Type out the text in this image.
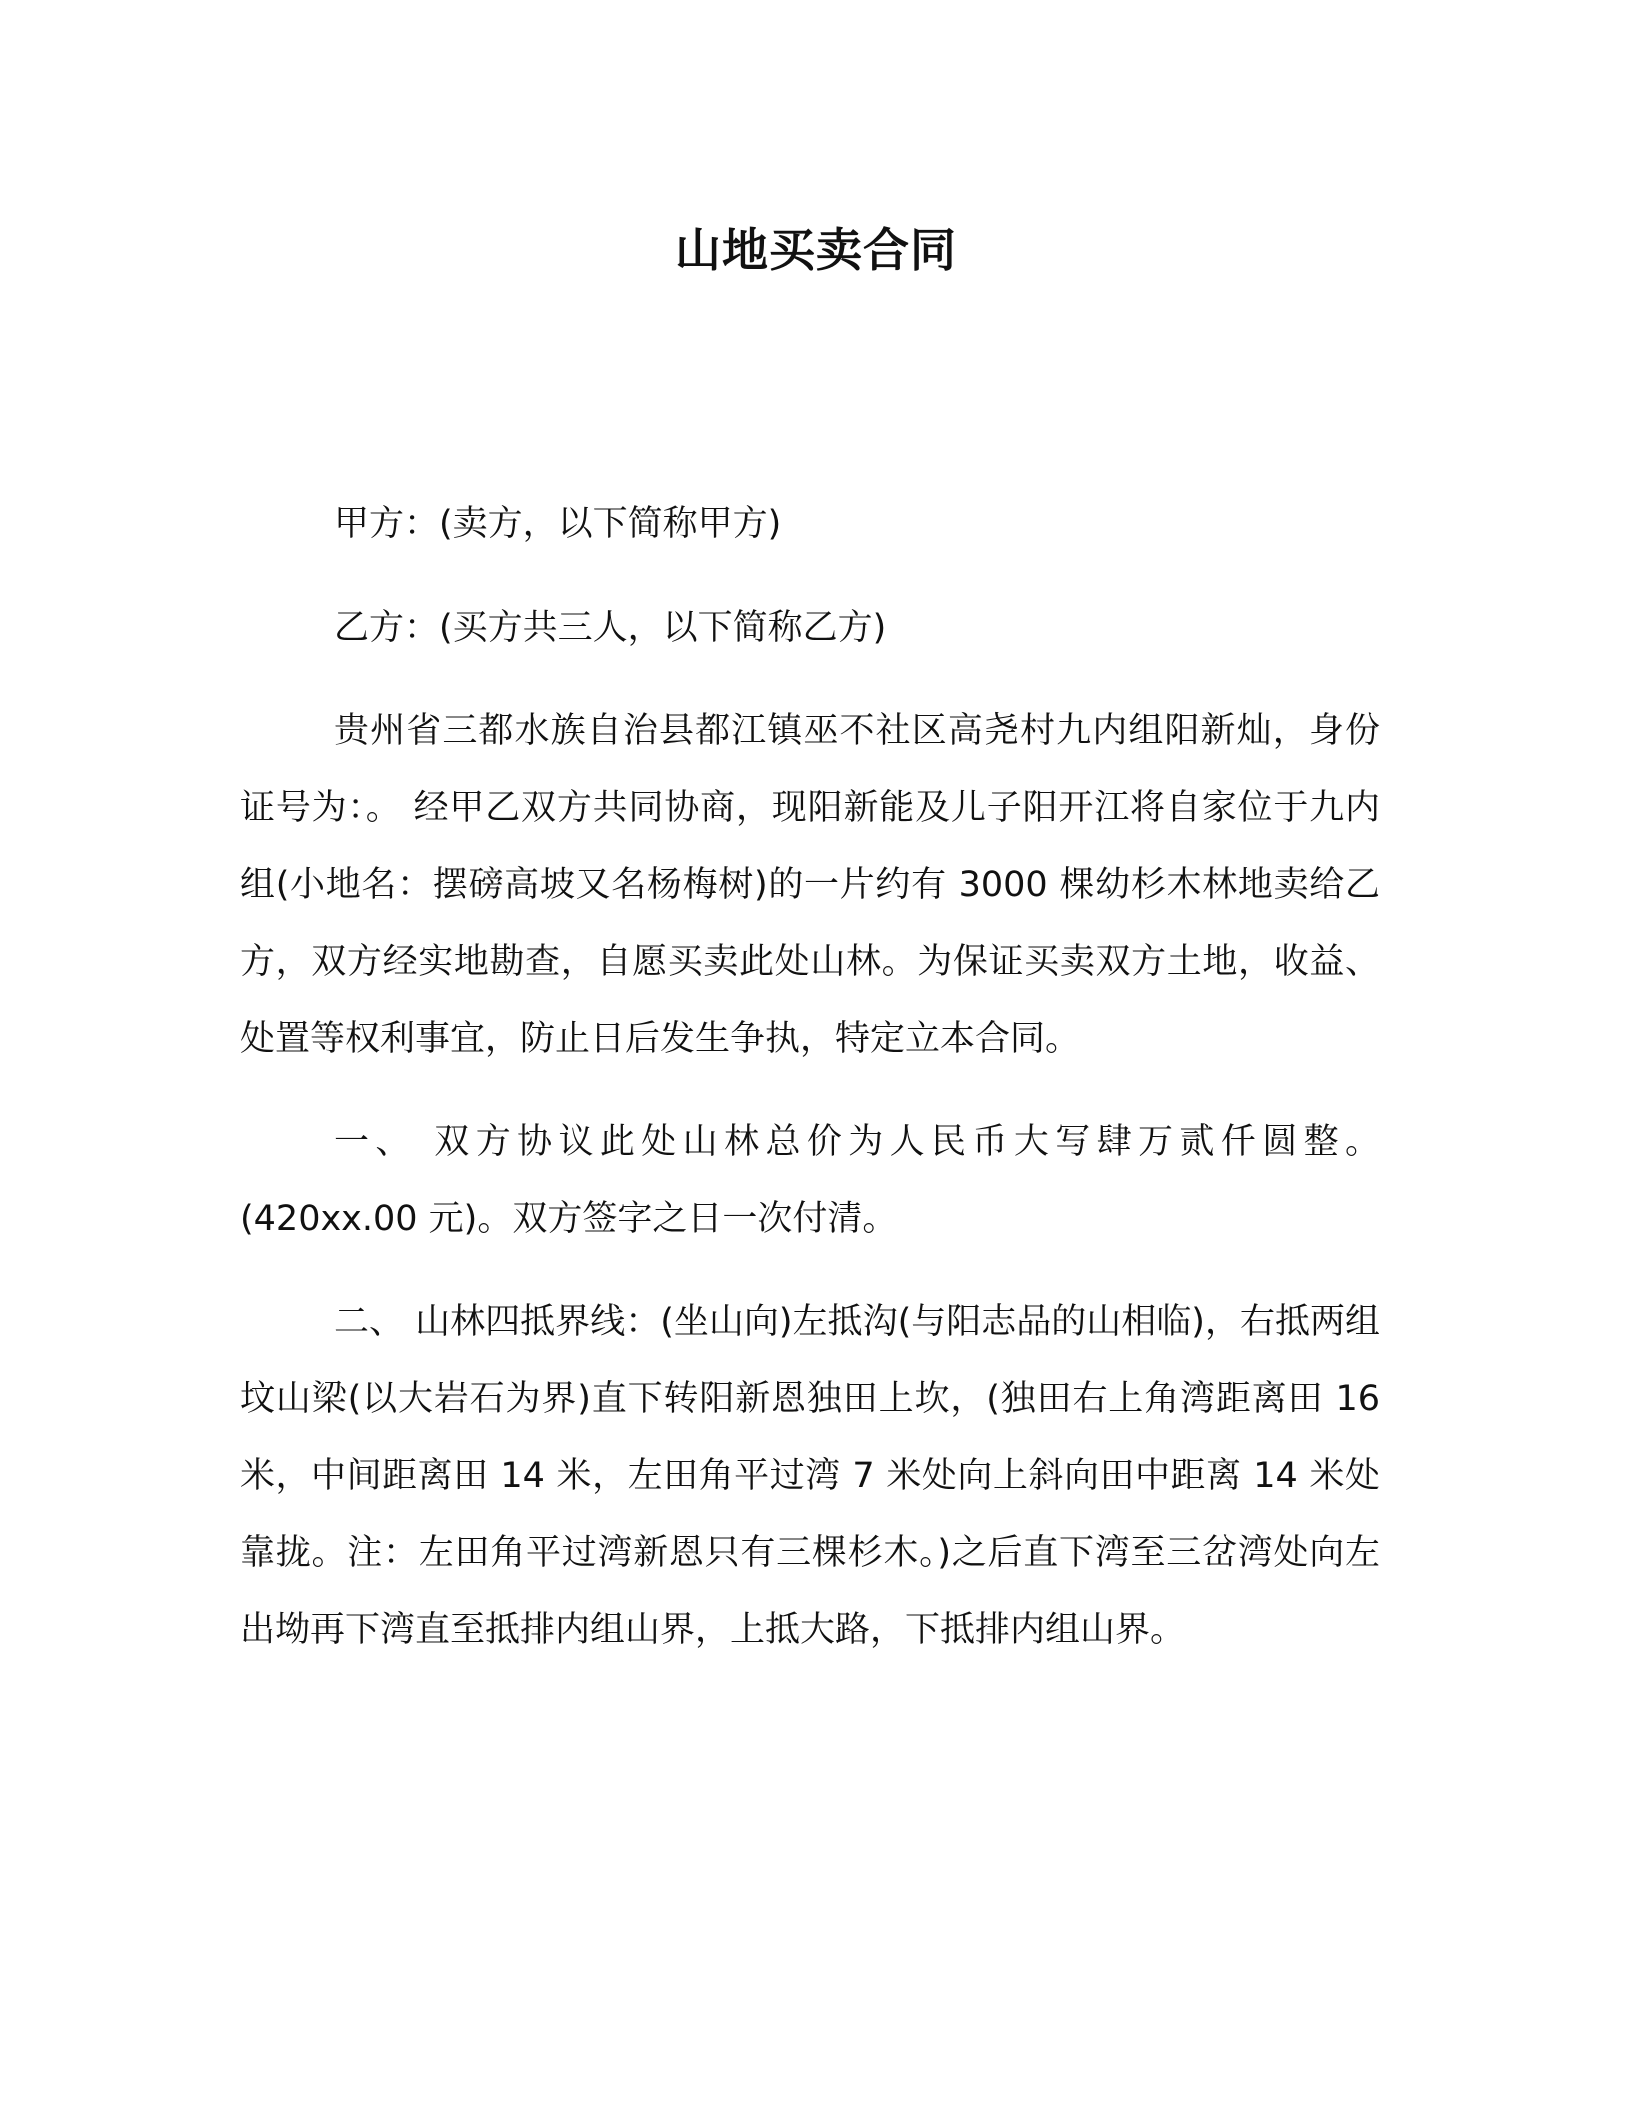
山地买卖合同

甲方：(卖方，以下简称甲方)

乙方：(买方共三人，以下简称乙方)

贵州省三都水族自治县都江镇巫不社区高尧村九内组阳新灿，身份证号为：。 经甲乙双方共同协商，现阳新能及儿子阳开江将自家位于九内组(小地名：摆磅高坡又名杨梅树)的一片约有 3000 棵幼杉木林地卖给乙方，双方经实地勘查，自愿买卖此处山林。为保证买卖双方土地，收益、处置等权利事宜，防止日后发生争执，特定立本合同。

一、 双方协议此处山林总价为人民币大写肆万贰仟圆整。(420xx.00 元)。双方签字之日一次付清。

二、 山林四抵界线：(坐山向)左抵沟(与阳志品的山相临)，右抵两组坟山梁(以大岩石为界)直下转阳新恩独田上坎，(独田右上角湾距离田 16 米，中间距离田 14 米，左田角平过湾 7 米处向上斜向田中距离 14 米处靠拢。注：左田角平过湾新恩只有三棵杉木。)之后直下湾至三岔湾处向左出坳再下湾直至抵排内组山界，上抵大路，下抵排内组山界。
